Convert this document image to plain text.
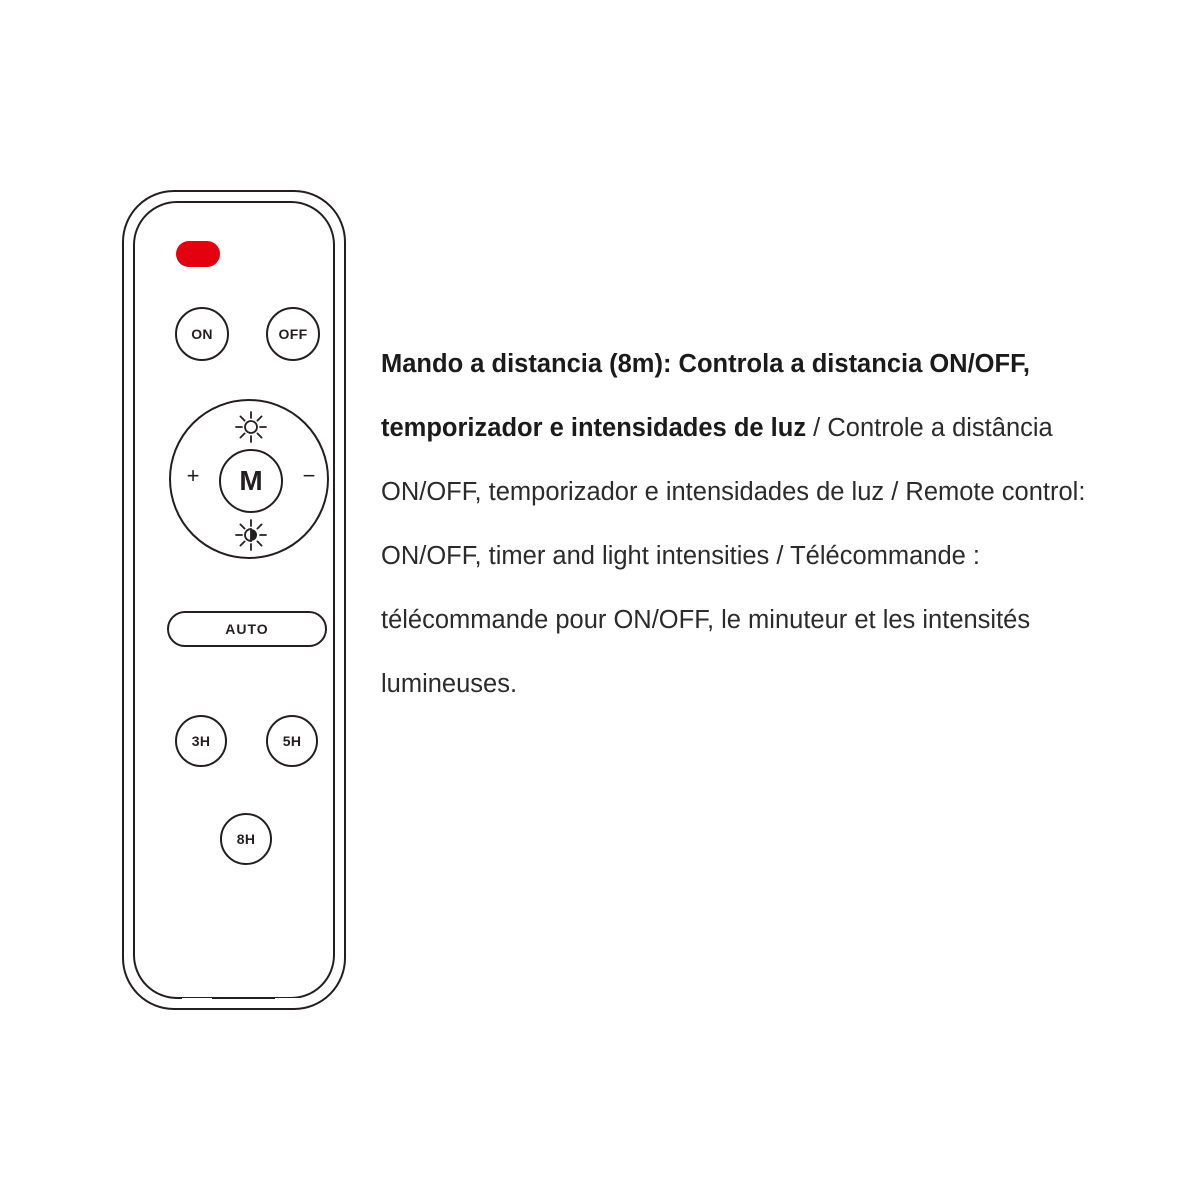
ON	OFF
+	−
M
AUTO
3H	5H
8H
Mando a distancia (8m): Controla a distancia ON/OFF, temporizador e intensidades de luz / Controle a distância ON/OFF, temporizador e intensidades de luz / Remote control: ON/OFF, timer and light intensities / Télécommande : télécommande pour ON/OFF, le minuteur et les intensités lumineuses.
